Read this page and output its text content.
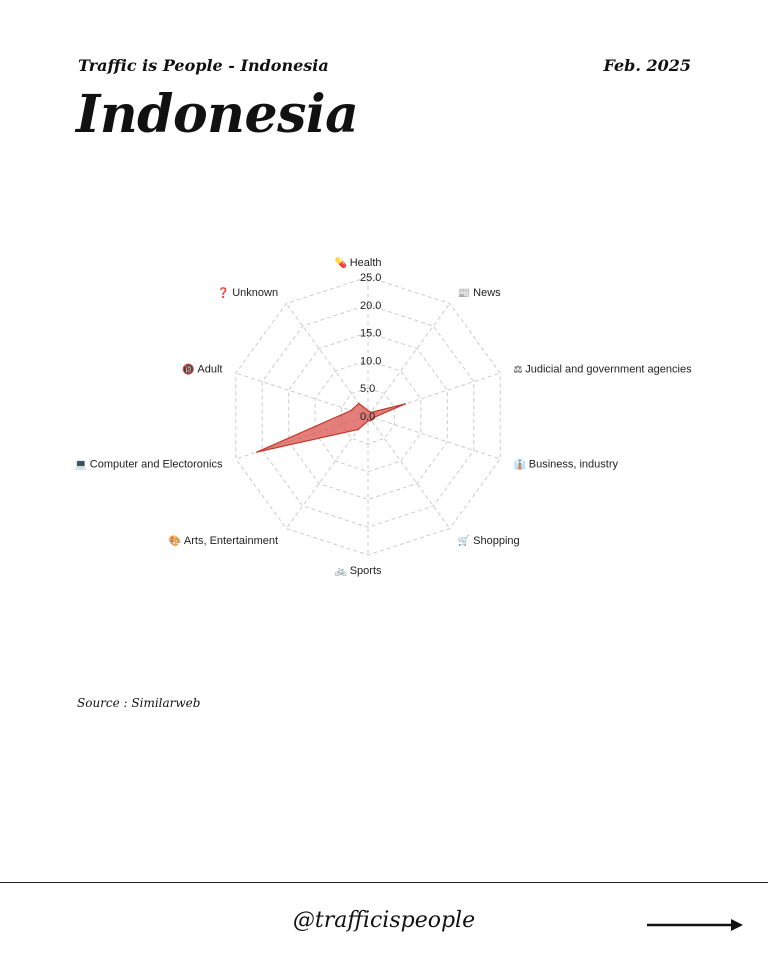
Traffic is People - Indonesia	Feb. 2025
Indonesia
0.0
5.0
10.0
15.0
20.0
25.0
💊 Health
📰 News
⚖ Judicial and government agencies
👔 Business, industry
🛒 Shopping
🚲 Sports
🎨 Arts, Entertainment
💻 Computer and Electoronics
🔞 Adult
❓ Unknown
Source : Similarweb
@trafficispeople
